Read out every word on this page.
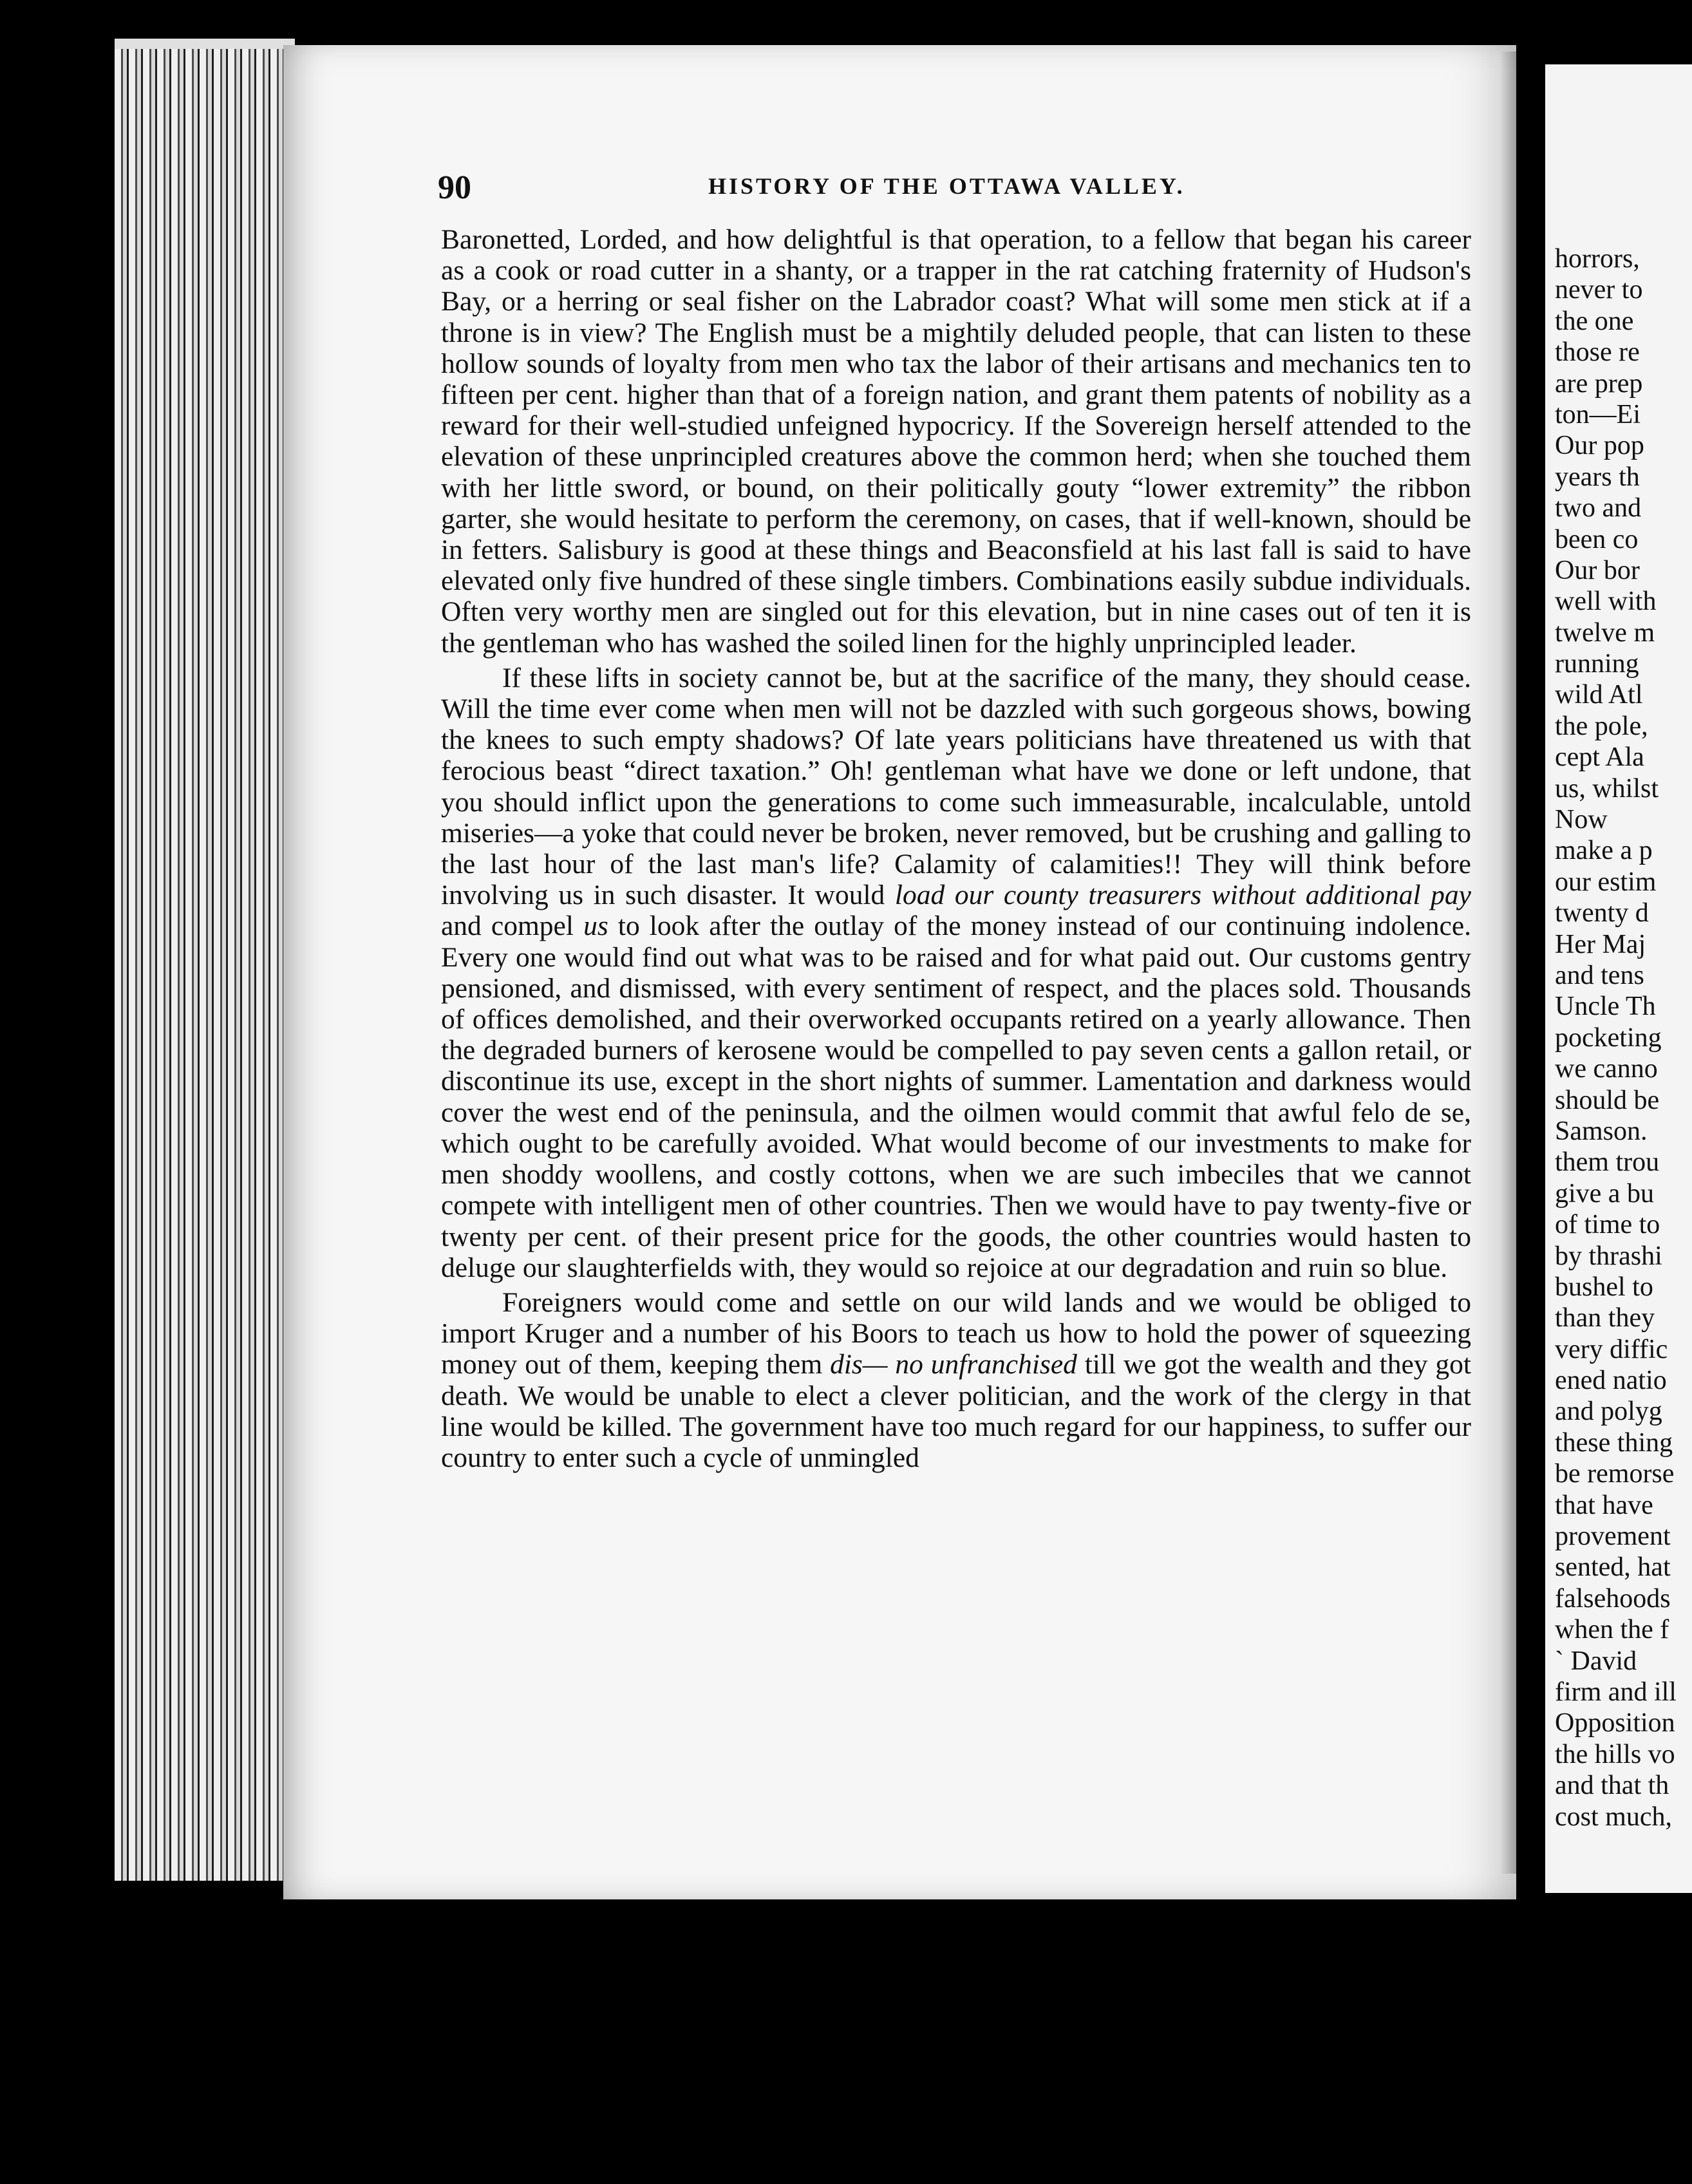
90	HISTORY OF THE OTTAWA VALLEY.

Baronetted, Lorded, and how delightful is that operation, to a fellow that began his career as a cook or road cutter in a shanty, or a trapper in the rat catching fraternity of Hudson's Bay, or a herring or seal fisher on the Labrador coast? What will some men stick at if a throne is in view? The English must be a mightily deluded people, that can listen to these hollow sounds of loyalty from men who tax the labor of their artisans and mechanics ten to fifteen per cent. higher than that of a foreign nation, and grant them patents of nobility as a reward for their well-studied unfeigned hypocricy. If the Sovereign herself attended to the elevation of these unprincipled creatures above the common herd; when she touched them with her little sword, or bound, on their politically gouty “lower extremity” the ribbon garter, she would hesitate to perform the ceremony, on cases, that if well-known, should be in fetters. Salisbury is good at these things and Beaconsfield at his last fall is said to have elevated only five hundred of these single timbers. Combinations easily subdue individuals. Often very worthy men are singled out for this elevation, but in nine cases out of ten it is the gentleman who has washed the soiled linen for the highly unprincipled leader.

If these lifts in society cannot be, but at the sacrifice of the many, they should cease. Will the time ever come when men will not be dazzled with such gorgeous shows, bowing the knees to such empty shadows? Of late years politicians have threatened us with that ferocious beast “direct taxation.” Oh! gentleman what have we done or left undone, that you should inflict upon the generations to come such immeasurable, incalculable, untold miseries—a yoke that could never be broken, never removed, but be crushing and galling to the last hour of the last man's life? Calamity of calamities!! They will think before involving us in such disaster. It would load our county treasurers without additional pay and compel us to look after the outlay of the money instead of our continuing indolence. Every one would find out what was to be raised and for what paid out. Our customs gentry pensioned, and dismissed, with every sentiment of respect, and the places sold. Thousands of offices demolished, and their overworked occupants retired on a yearly allowance. Then the degraded burners of kerosene would be compelled to pay seven cents a gallon retail, or discontinue its use, except in the short nights of summer. Lamentation and darkness would cover the west end of the peninsula, and the oilmen would commit that awful felo de se, which ought to be carefully avoided. What would become of our investments to make for men shoddy woollens, and costly cottons, when we are such imbeciles that we cannot compete with intelligent men of other countries. Then we would have to pay twenty-five or twenty per cent. of their present price for the goods, the other countries would hasten to deluge our slaughterfields with, they would so rejoice at our degradation and ruin so blue.

Foreigners would come and settle on our wild lands and we would be obliged to import Kruger and a number of his Boors to teach us how to hold the power of squeezing money out of them, keeping them dis— no unfranchised till we got the wealth and they got death. We would be unable to elect a clever politician, and the work of the clergy in that line would be killed. The government have too much regard for our happiness, to suffer our country to enter such a cycle of unmingled

horrors,
never to
the one
those re
are prep
ton—Ei
Our pop
years th
two and
been co
Our bor
well with
twelve m
running
wild Atl
the pole,
cept Ala
us, whilst
Now
make a p
our estim
twenty d
Her Maj
and tens
Uncle Th
pocketing
we canno
should be
Samson.
them trou
give a bu
of time to
by thrashi
bushel to
than they
very diffic
ened natio
and polyg
these thing
be remorse
that have
provement
sented, hat
falsehoods
when the f
` David
firm and ill
Opposition
the hills vo
and that th
cost much,
